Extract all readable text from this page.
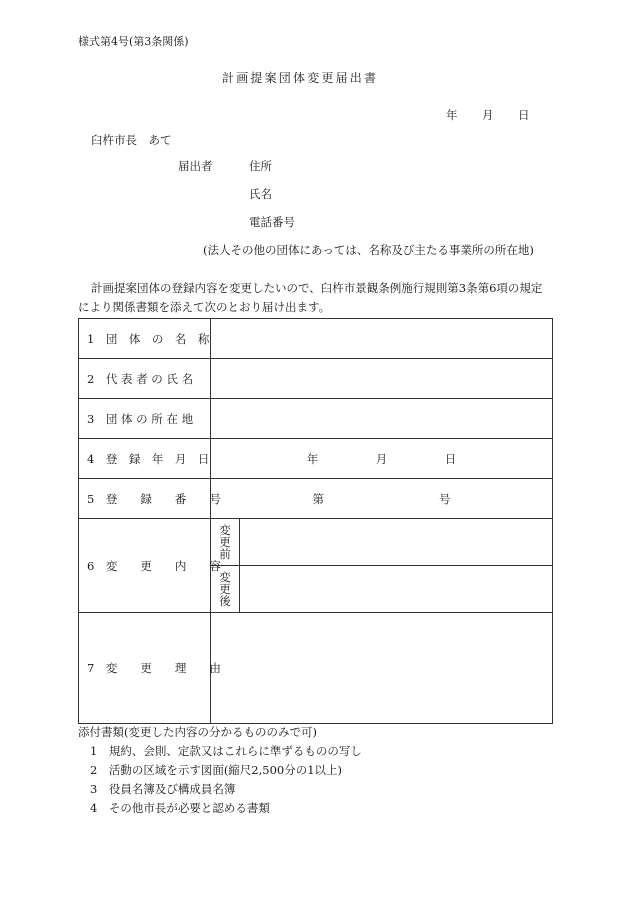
様式第4号(第3条関係)
計画提案団体変更届出書
年 月 日
臼杵市長　あて
届出者	住所
氏名
電話番号
(法人その他の団体にあっては、名称及び主たる事業所の所在地)
計画提案団体の登録内容を変更したいので、臼杵市景観条例施行規則第3条第6項の規定
により関係書類を添えて次のとおり届け出ます。
1　団　体　の　名　称		

2　代 表 者 の 氏 名		

3　団 体 の 所 在 地		

4　登　録　年　月　日	年　　　　　月　　　　　日	

5　登　　録　　番　　号	第　　　　　　　　　　号	

6　変　　更　　内　　容	変更前	
	変更後	

7　変　　更　　理　　由		

添付書類(変更した内容の分かるもののみで可)
1　規約、会則、定款又はこれらに準ずるものの写し
2　活動の区域を示す図面(縮尺2,500分の1以上)
3　役員名簿及び構成員名簿
4　その他市長が必要と認める書類
